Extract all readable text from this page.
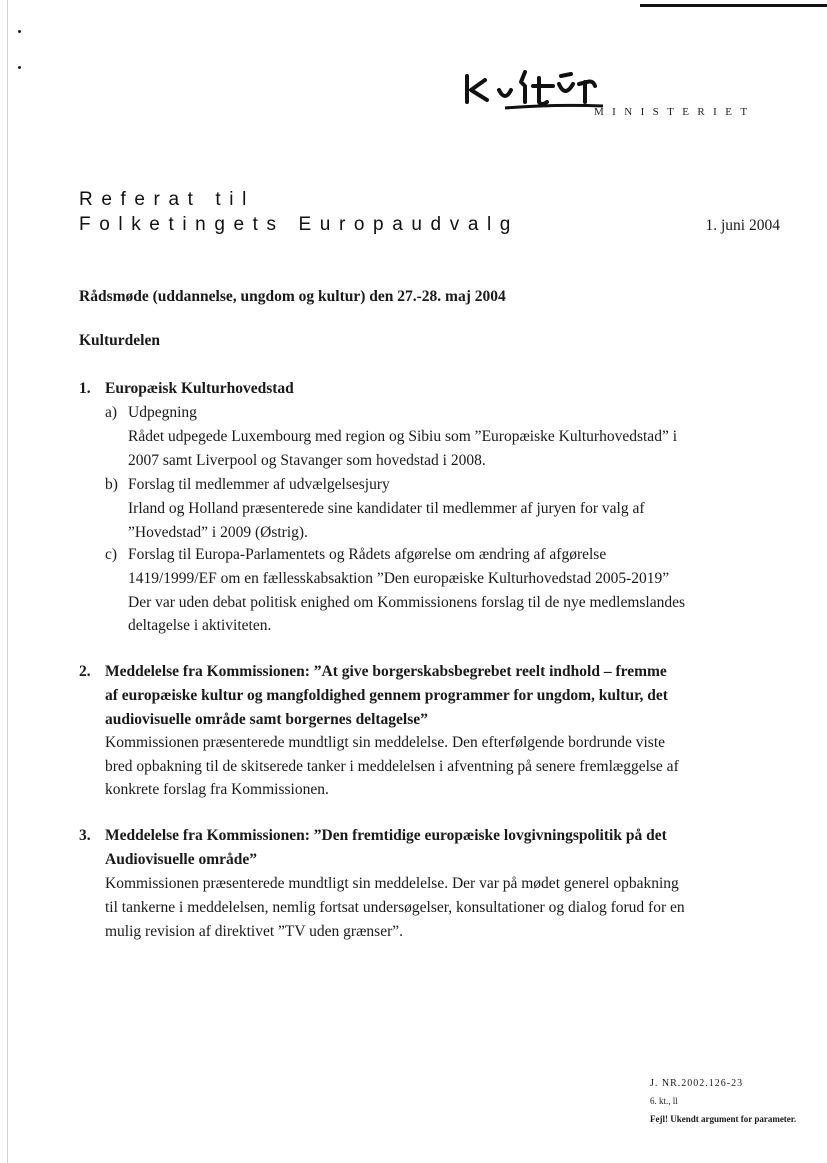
MINISTERIET
Referat til
Folketingets Europaudvalg	1. juni 2004
Rådsmøde (uddannelse, ungdom og kultur) den 27.-28. maj 2004
Kulturdelen
1. Europæisk Kulturhovedstad
a) Udpegning
Rådet udpegede Luxembourg med region og Sibiu som ”Europæiske Kulturhovedstad” i
2007 samt Liverpool og Stavanger som hovedstad i 2008.
b) Forslag til medlemmer af udvælgelsesjury
Irland og Holland præsenterede sine kandidater til medlemmer af juryen for valg af
”Hovedstad” i 2009 (Østrig).
c) Forslag til Europa-Parlamentets og Rådets afgørelse om ændring af afgørelse
1419/1999/EF om en fællesskabsaktion ”Den europæiske Kulturhovedstad 2005-2019”
Der var uden debat politisk enighed om Kommissionens forslag til de nye medlemslandes
deltagelse i aktiviteten.
2. Meddelelse fra Kommissionen: ”At give borgerskabsbegrebet reelt indhold – fremme
af europæiske kultur og mangfoldighed gennem programmer for ungdom, kultur, det
audiovisuelle område samt borgernes deltagelse”
Kommissionen præsenterede mundtligt sin meddelelse. Den efterfølgende bordrunde viste
bred opbakning til de skitserede tanker i meddelelsen i afventning på senere fremlæggelse af
konkrete forslag fra Kommissionen.
3. Meddelelse fra Kommissionen: ”Den fremtidige europæiske lovgivningspolitik på det
Audiovisuelle område”
Kommissionen præsenterede mundtligt sin meddelelse. Der var på mødet generel opbakning
til tankerne i meddelelsen, nemlig fortsat undersøgelser, konsultationer og dialog forud for en
mulig revision af direktivet ”TV uden grænser”.
J. NR.2002.126-23
6. kt., ll
Fejl! Ukendt argument for parameter.
